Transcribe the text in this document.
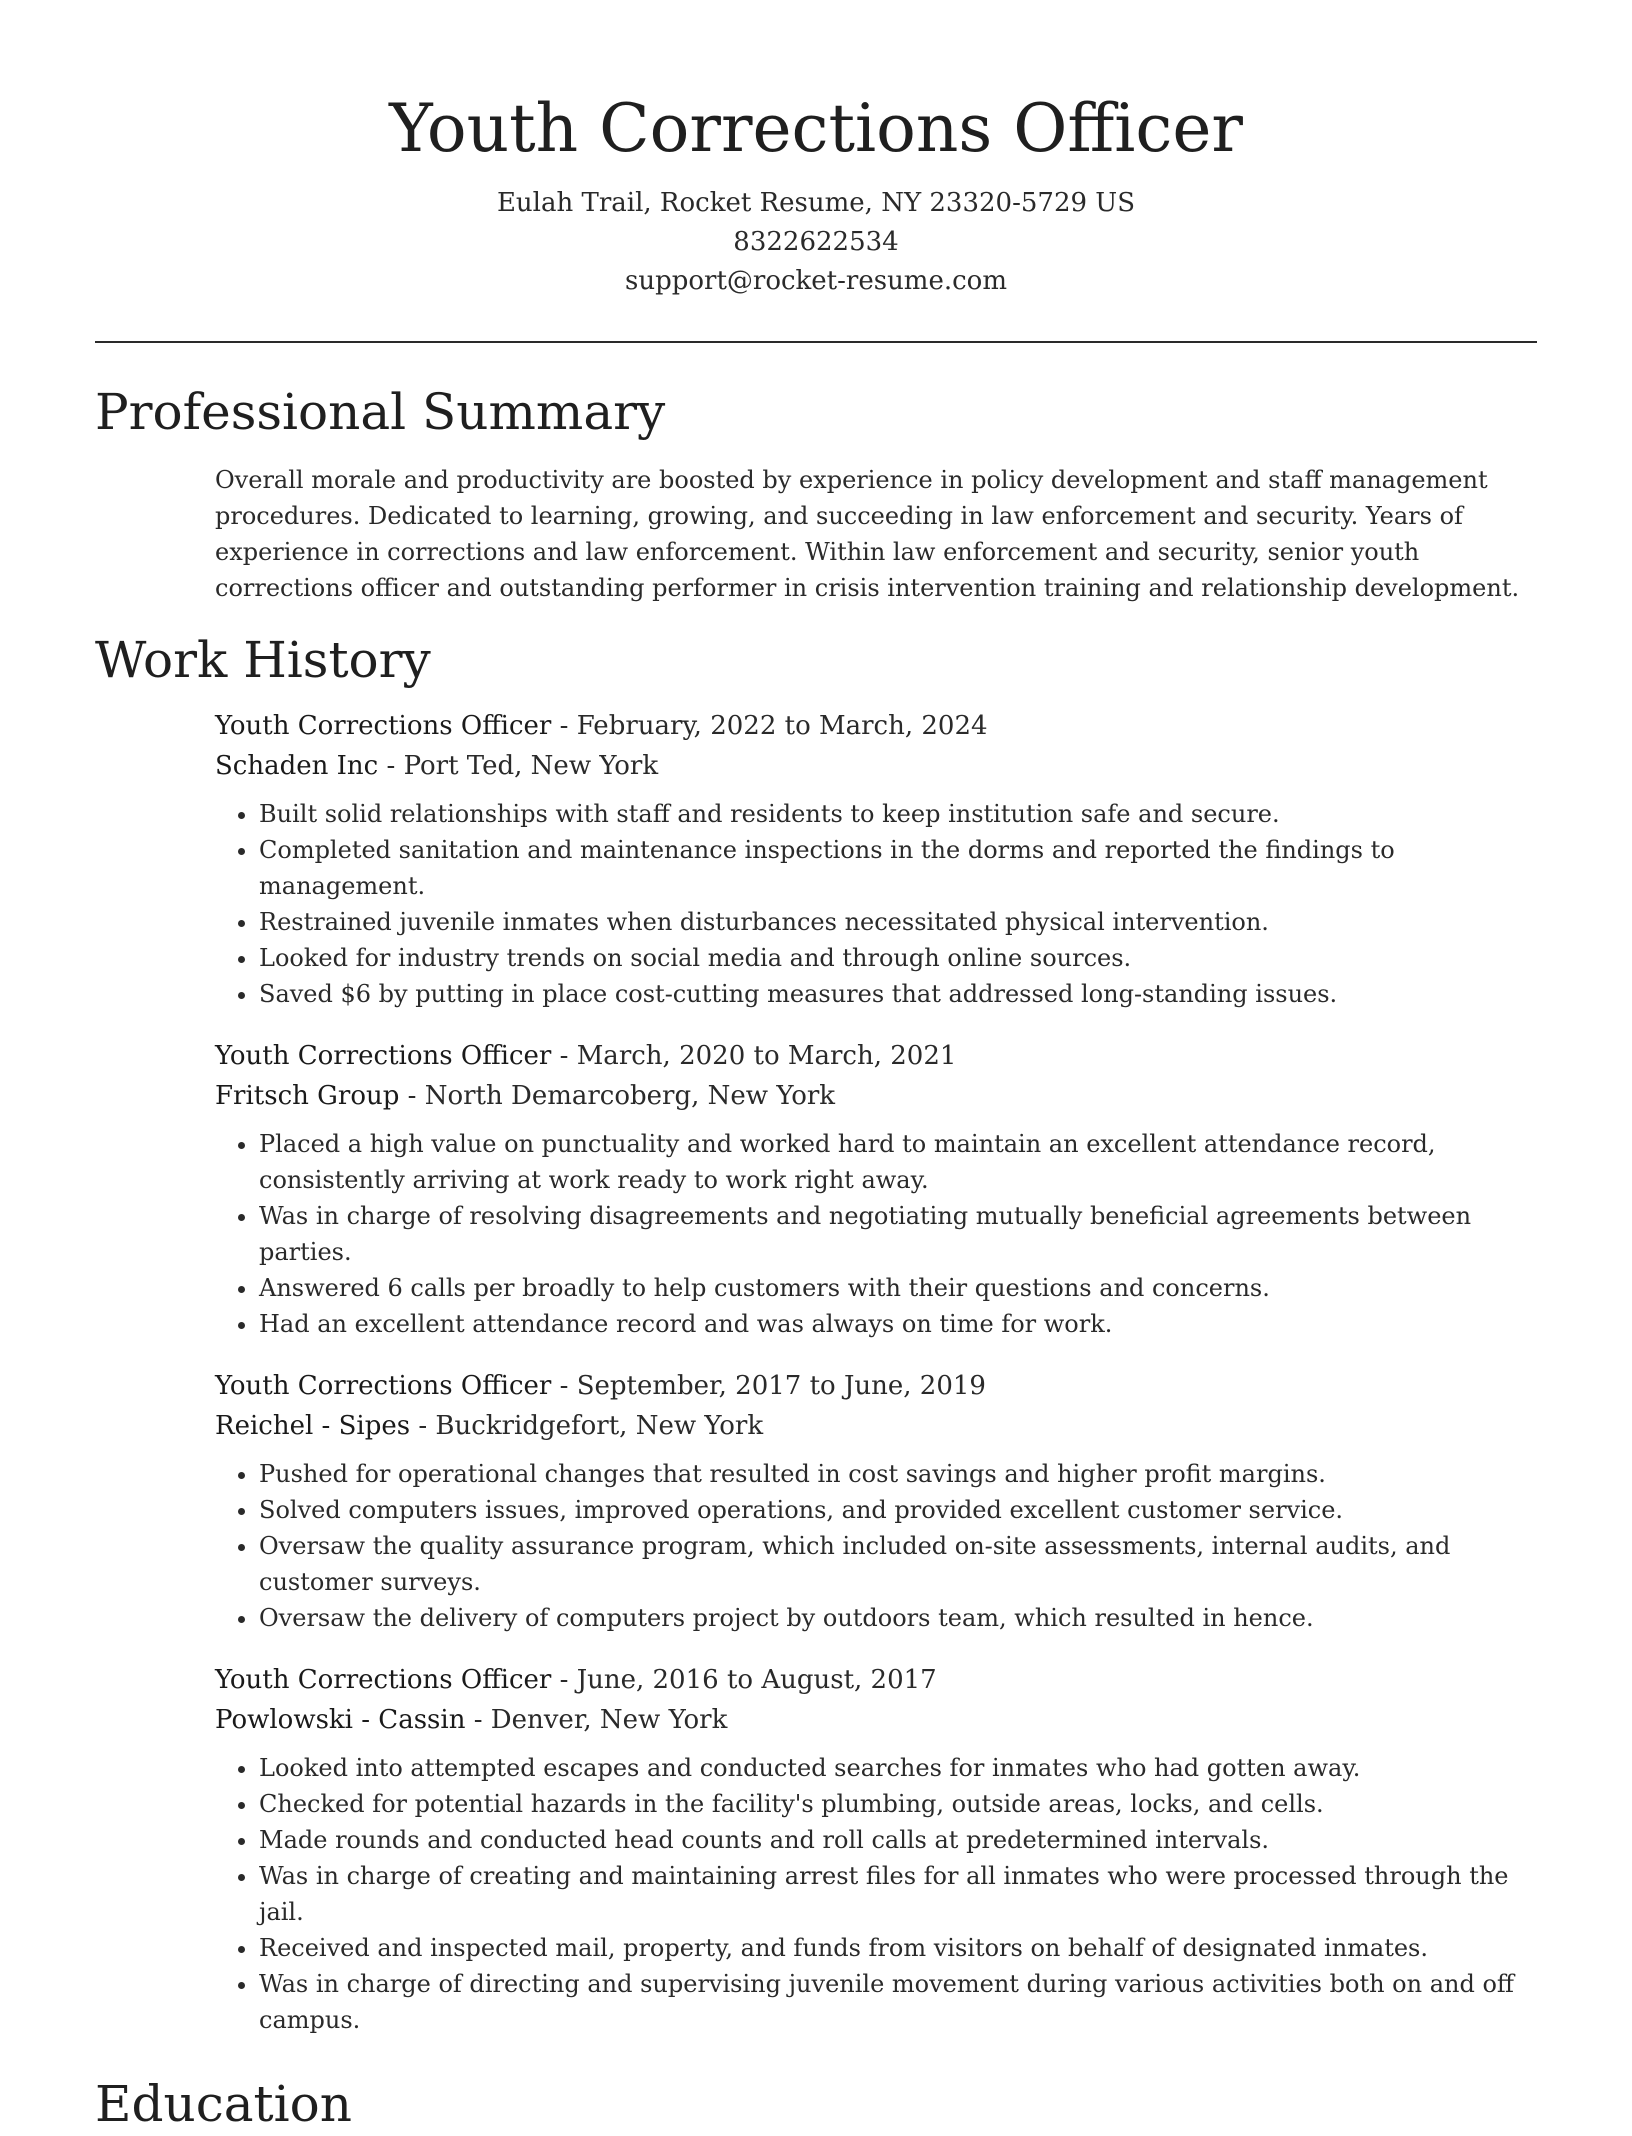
Youth Corrections Officer
Eulah Trail, Rocket Resume, NY 23320-5729 US
8322622534
support@rocket-resume.com
Professional Summary

Overall morale and productivity are boosted by experience in policy development and staff management procedures. Dedicated to learning, growing, and succeeding in law enforcement and security. Years of experience in corrections and law enforcement. Within law enforcement and security, senior youth corrections officer and outstanding performer in crisis intervention training and relationship development.

Work History
Youth Corrections Officer - February, 2022 to March, 2024
Schaden Inc - Port Ted, New York
• Built solid relationships with staff and residents to keep institution safe and secure.
• Completed sanitation and maintenance inspections in the dorms and reported the findings to management.
• Restrained juvenile inmates when disturbances necessitated physical intervention.
• Looked for industry trends on social media and through online sources.
• Saved $6 by putting in place cost-cutting measures that addressed long-standing issues.
Youth Corrections Officer - March, 2020 to March, 2021
Fritsch Group - North Demarcoberg, New York
• Placed a high value on punctuality and worked hard to maintain an excellent attendance record, consistently arriving at work ready to work right away.
• Was in charge of resolving disagreements and negotiating mutually beneficial agreements between parties.
• Answered 6 calls per broadly to help customers with their questions and concerns.
• Had an excellent attendance record and was always on time for work.
Youth Corrections Officer - September, 2017 to June, 2019
Reichel - Sipes - Buckridgefort, New York
• Pushed for operational changes that resulted in cost savings and higher profit margins.
• Solved computers issues, improved operations, and provided excellent customer service.
• Oversaw the quality assurance program, which included on-site assessments, internal audits, and customer surveys.
• Oversaw the delivery of computers project by outdoors team, which resulted in hence.
Youth Corrections Officer - June, 2016 to August, 2017
Powlowski - Cassin - Denver, New York
• Looked into attempted escapes and conducted searches for inmates who had gotten away.
• Checked for potential hazards in the facility's plumbing, outside areas, locks, and cells.
• Made rounds and conducted head counts and roll calls at predetermined intervals.
• Was in charge of creating and maintaining arrest files for all inmates who were processed through the jail.
• Received and inspected mail, property, and funds from visitors on behalf of designated inmates.
• Was in charge of directing and supervising juvenile movement during various activities both on and off campus.
Education
